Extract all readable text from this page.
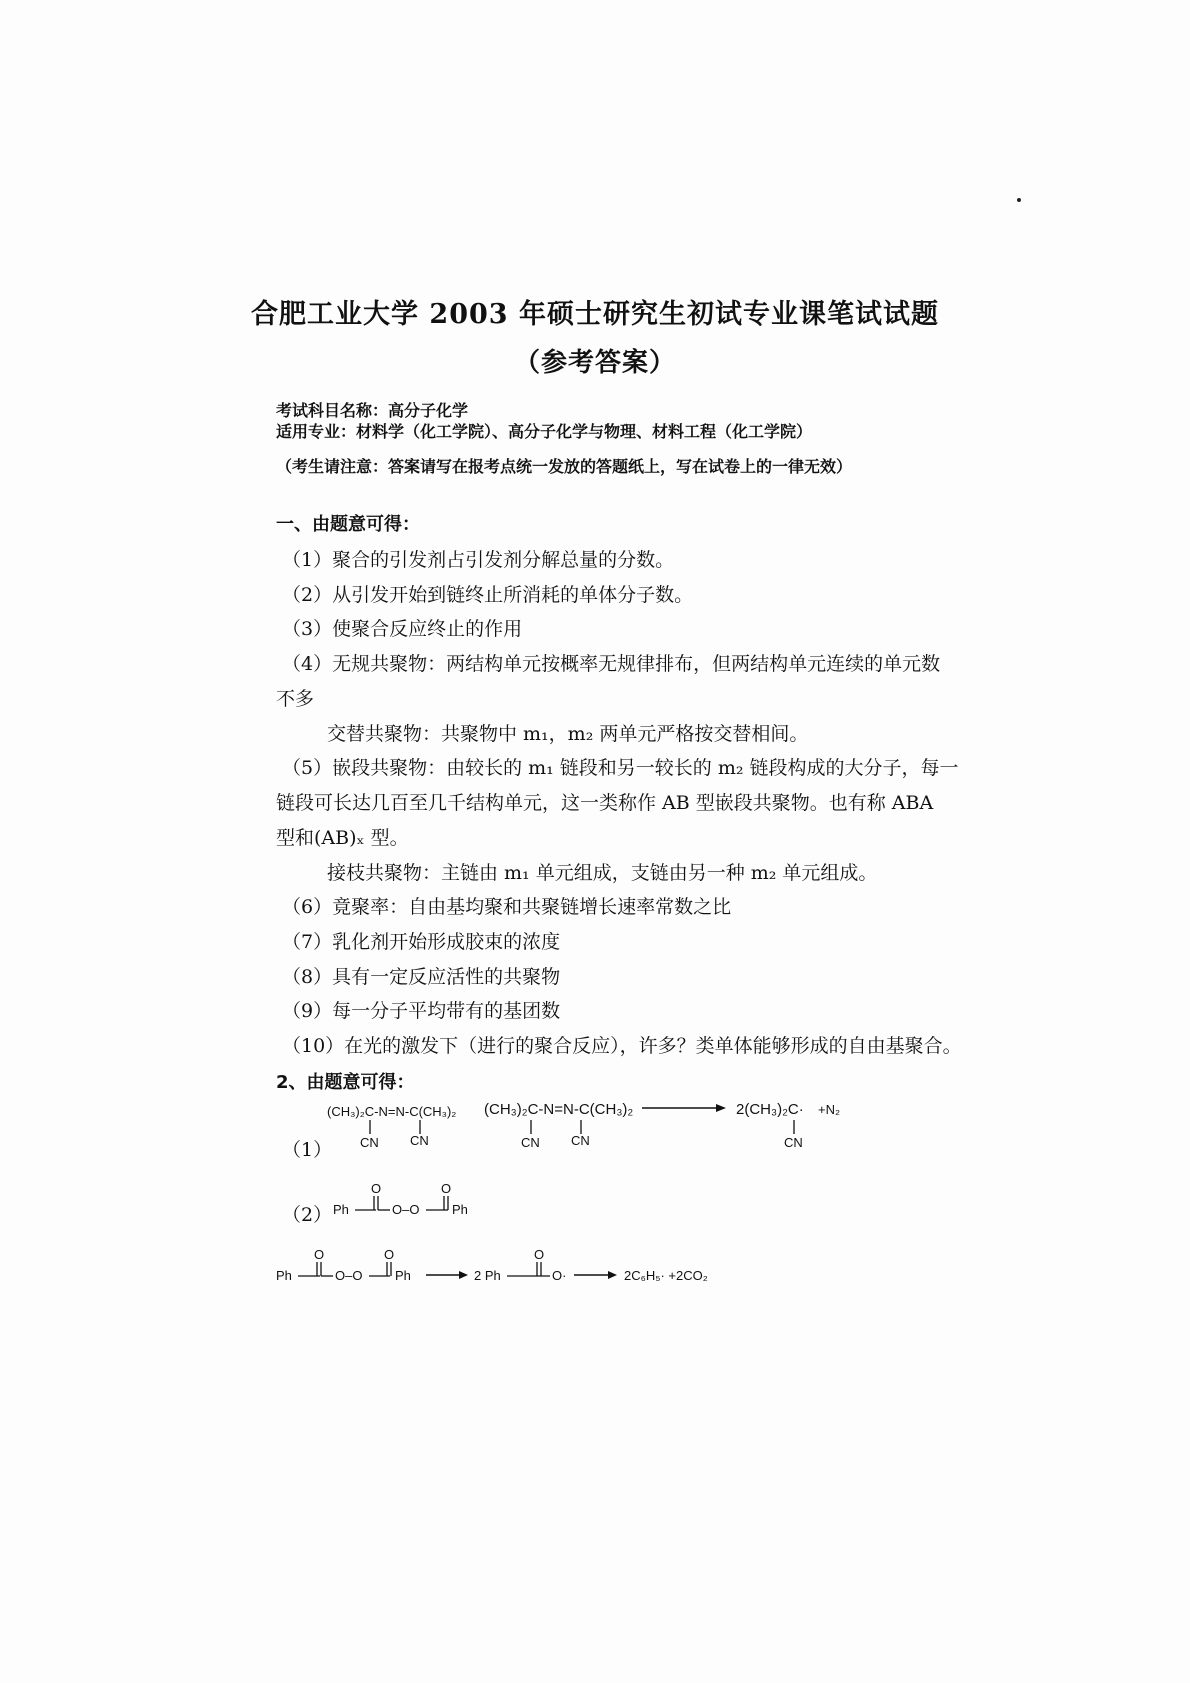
合肥工业大学 2003 年硕士研究生初试专业课笔试试题
（参考答案）
考试科目名称：高分子化学
适用专业：材料学（化工学院）、高分子化学与物理、材料工程（化工学院）
（考生请注意：答案请写在报考点统一发放的答题纸上，写在试卷上的一律无效）
一、由题意可得：
（1）聚合的引发剂占引发剂分解总量的分数。
（2）从引发开始到链终止所消耗的单体分子数。
（3）使聚合反应终止的作用
（4）无规共聚物：两结构单元按概率无规律排布，但两结构单元连续的单元数
不多
交替共聚物：共聚物中 m₁，m₂ 两单元严格按交替相间。
（5）嵌段共聚物：由较长的 m₁ 链段和另一较长的 m₂ 链段构成的大分子，每一
链段可长达几百至几千结构单元，这一类称作 AB 型嵌段共聚物。也有称 ABA
型和(AB)ₓ 型。
接枝共聚物：主链由 m₁ 单元组成，支链由另一种 m₂ 单元组成。
（6）竟聚率：自由基均聚和共聚链增长速率常数之比
（7）乳化剂开始形成胶束的浓度
（8）具有一定反应活性的共聚物
（9）每一分子平均带有的基团数
（10）在光的激发下（进行的聚合反应），许多？类单体能够形成的自由基聚合。
2、由题意可得：
（1）
（2）
(CH₃)₂C-N=N-C(CH₃)₂
CN CN
(CH₃)₂C-N=N-C(CH₃)₂
CN CN
2(CH₃)₂C· +N₂
CN
Ph
O
O–O
O
Ph
Ph
O
O–O
O
Ph	2 Ph
O
O·	2C₆H₅· +2CO₂
